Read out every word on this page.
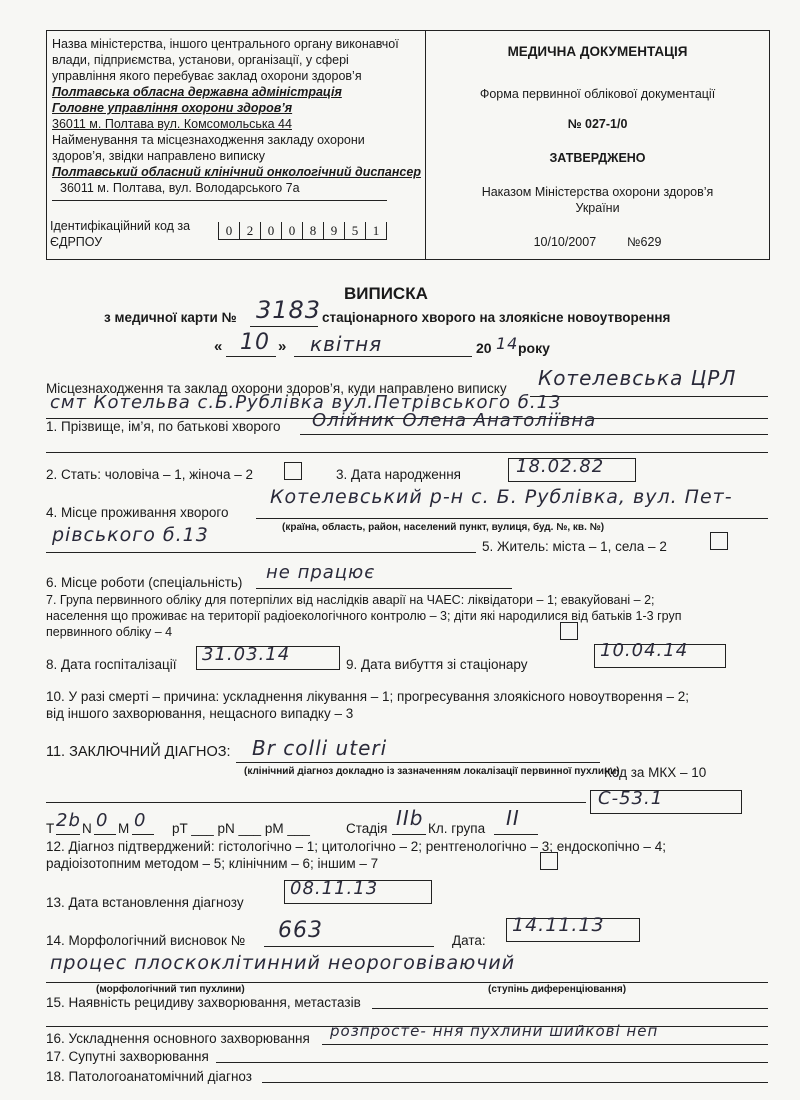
Назва міністерства, іншого центрального органу виконавчої
влади, підприємства, установи, організації, у сфері
управління якого перебуває заклад охорони здоров’я
Полтавська обласна державна адміністрація
Головне управління охорони здоров’я
36011 м. Полтава вул. Комсомольська 44
Найменування та місцезнаходження закладу охорони
здоров’я, звідки направлено виписку
Полтавський обласний клінічний онкологічний диспансер
36011 м. Полтава, вул. Володарського 7а
Ідентифікаційний код за
ЄДРПОУ
0	2	0	0	8	9	5	1
МЕДИЧНА ДОКУМЕНТАЦІЯ
Форма первинної облікової документації
№ 027-1/0
ЗАТВЕРДЖЕНО
Наказом Міністерства охорони здоров’я
України
10/10/2007 №629
ВИПИСКА
з медичної карти № 3183 стаціонарного хворого на злоякісне новоутворення
« 10 » квітня	20 14 року
Місцезнаходження та заклад охорони здоров’я, куди направлено виписку Котелевська ЦРЛ
смт Котельва с.Б.Рублівка вул.Петрівського б.13
1. Прізвище, ім’я, по батькові хворого Олійник Олена Анатоліївна
2. Стать: чоловіча – 1, жіноча – 2	3. Дата народження	18.02.82
4. Місце проживання хворого
Котелевський р-н с. Б. Рублівка, вул. Пет-
(країна, область, район, населений пункт, вулиця, буд. №, кв. №)
рівського б.13
5. Житель: міста – 1, села – 2
6. Місце роботи (спеціальність) не працює
7. Група первинного обліку для потерпілих від наслідків аварії на ЧАЕС: ліквідатори – 1; евакуйовані – 2;
населення що проживає на території радіоекологічного контролю – 3; діти які народилися від батьків 1-3 груп
первинного обліку – 4
8. Дата госпіталізації 31.03.14	9. Дата вибуття зі стаціонару
10.04.14
10. У разі смерті – причина: ускладнення лікування – 1; прогресування злоякісного новоутворення – 2;
від іншого захворювання, нещасного випадку – 3
11. ЗАКЛЮЧНИЙ ДІАГНОЗ: Br colli uteri
(клінічний діагноз докладно із зазначенням локалізації первинної пухлини)
Код за МКХ – 10
C-53.1
T 2b N 0 M 0 pT ___ pN ___ pM ___	Стадія IIb Кл. група II
12. Діагноз підтверджений: гістологічно – 1; цитологічно – 2; рентгенологічно – 3; ендоскопічно – 4;
радіоізотопним методом – 5; клінічним – 6; іншим – 7
13. Дата встановлення діагнозу
08.11.13
14. Морфологічний висновок № 663	Дата:
14.11.13
процес плоскоклітинний неороговіваючий
(морфологічний тип пухлини)	(ступінь диференціювання)
15. Наявність рецидиву захворювання, метастазів
16. Ускладнення основного захворювання розпросте- ння пухлини шийкові неп
17. Супутні захворювання
18. Патологоанатомічний діагноз
